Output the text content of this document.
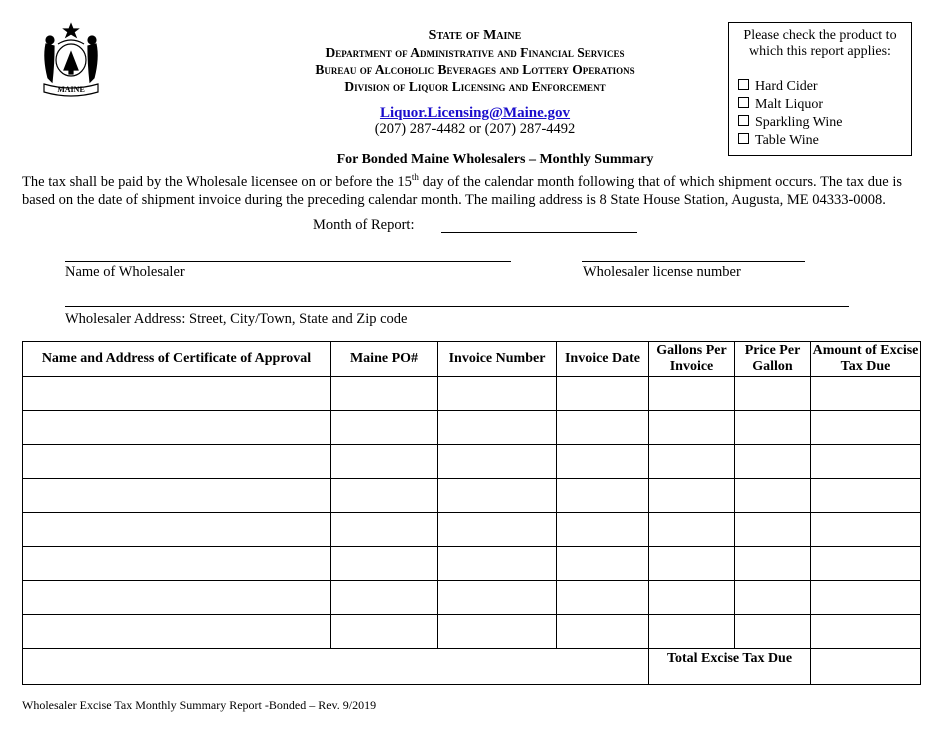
MAINE
State of Maine
Department of Administrative and Financial Services
Bureau of Alcoholic Beverages and Lottery Operations
Division of Liquor Licensing and Enforcement
Liquor.Licensing@Maine.gov
(207) 287-4482 or (207) 287-4492
Please check the product to which this report applies:
Hard Cider
Malt Liquor
Sparkling Wine
Table Wine
For Bonded Maine Wholesalers – Monthly Summary
The tax shall be paid by the Wholesale licensee on or before the 15th day of the calendar month following that of which shipment occurs. The tax due is based on the date of shipment invoice during the preceding calendar month. The mailing address is 8 State House Station, Augusta, ME 04333-0008.
Month of Report:
Name of Wholesaler	Wholesaler license number
Wholesaler Address: Street, City/Town, State and Zip code
Name and Address of Certificate of Approval	Maine PO#	Invoice Number	Invoice Date	Gallons Per Invoice	Price Per Gallon	Amount of Excise Tax Due

				Total Excise Tax Due		
Wholesaler Excise Tax Monthly Summary Report -Bonded – Rev. 9/2019
